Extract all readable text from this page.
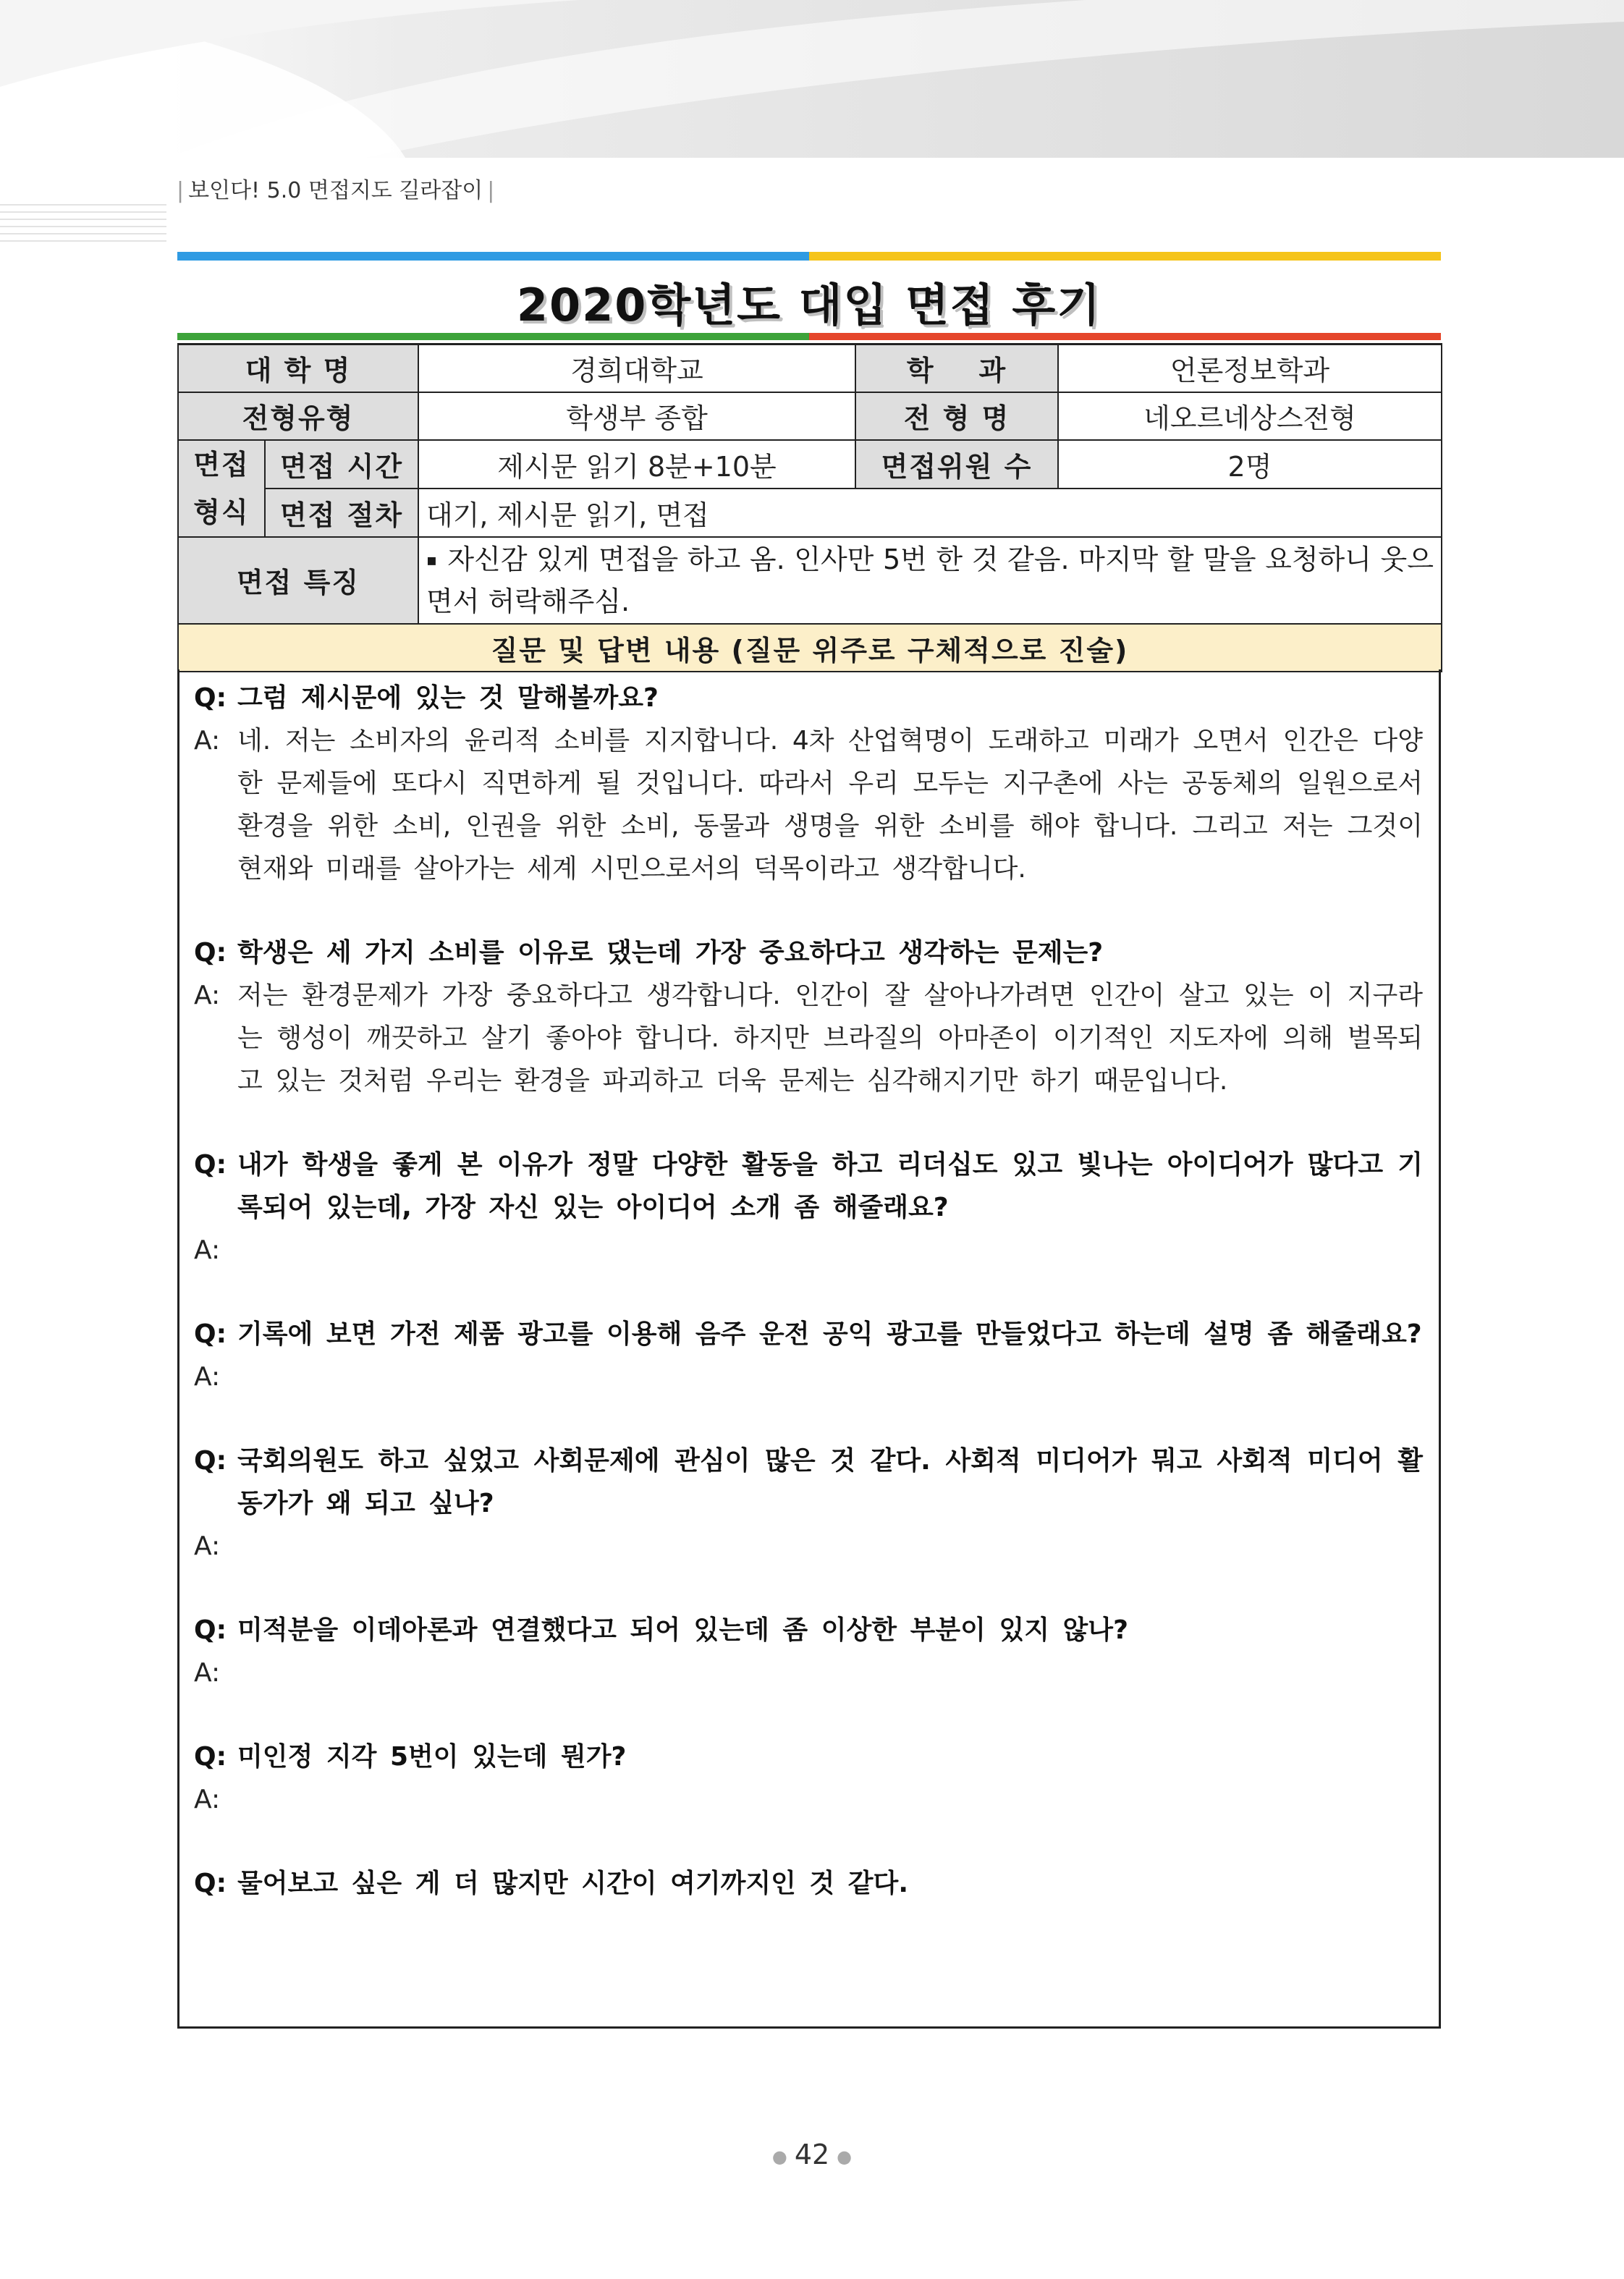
| 보인다! 5.0 면접지도 길라잡이 |
2020학년도 대입 면접 후기
대 학 명		경희대학교	학    과	언론정보학과
전형유형		학생부 종합	전 형 명	네오르네상스전형

면접
형식	면접 시간	제시문 읽기 8분+10분	면접위원 수	2명
	면접 절차	대기, 제시문 읽기, 면접		
면접 특징		▪ 자신감 있게 면접을 하고 옴. 인사만 5번 한 것 같음. 마지막 할 말을 요청하니 웃으면서 허락해주심.		
질문 및 답변 내용 (질문 위주로 구체적으로 진술)				
Q: 그럼 제시문에 있는 것 말해볼까요?
A: 네. 저는 소비자의 윤리적 소비를 지지합니다. 4차 산업혁명이 도래하고 미래가 오면서 인간은 다양한 문제들에 또다시 직면하게 될 것입니다. 따라서 우리 모두는 지구촌에 사는 공동체의 일원으로서 환경을 위한 소비, 인권을 위한 소비, 동물과 생명을 위한 소비를 해야 합니다. 그리고 저는 그것이 현재와 미래를 살아가는 세계 시민으로서의 덕목이라고 생각합니다.
Q: 학생은 세 가지 소비를 이유로 댔는데 가장 중요하다고 생각하는 문제는?
A: 저는 환경문제가 가장 중요하다고 생각합니다. 인간이 잘 살아나가려면 인간이 살고 있는 이 지구라는 행성이 깨끗하고 살기 좋아야 합니다. 하지만 브라질의 아마존이 이기적인 지도자에 의해 벌목되고 있는 것처럼 우리는 환경을 파괴하고 더욱 문제는 심각해지기만 하기 때문입니다.
Q: 내가 학생을 좋게 본 이유가 정말 다양한 활동을 하고 리더십도 있고 빛나는 아이디어가 많다고 기록되어 있는데, 가장 자신 있는 아이디어 소개 좀 해줄래요?
A:
Q: 기록에 보면 가전 제품 광고를 이용해 음주 운전 공익 광고를 만들었다고 하는데 설명 좀 해줄래요?
A:
Q: 국회의원도 하고 싶었고 사회문제에 관심이 많은 것 같다. 사회적 미디어가 뭐고 사회적 미디어 활동가가 왜 되고 싶나?
A:
Q: 미적분을 이데아론과 연결했다고 되어 있는데 좀 이상한 부분이 있지 않나?
A:
Q: 미인정 지각 5번이 있는데 뭔가?
A:
Q: 물어보고 싶은 게 더 많지만 시간이 여기까지인 것 같다.
● 42 ●
